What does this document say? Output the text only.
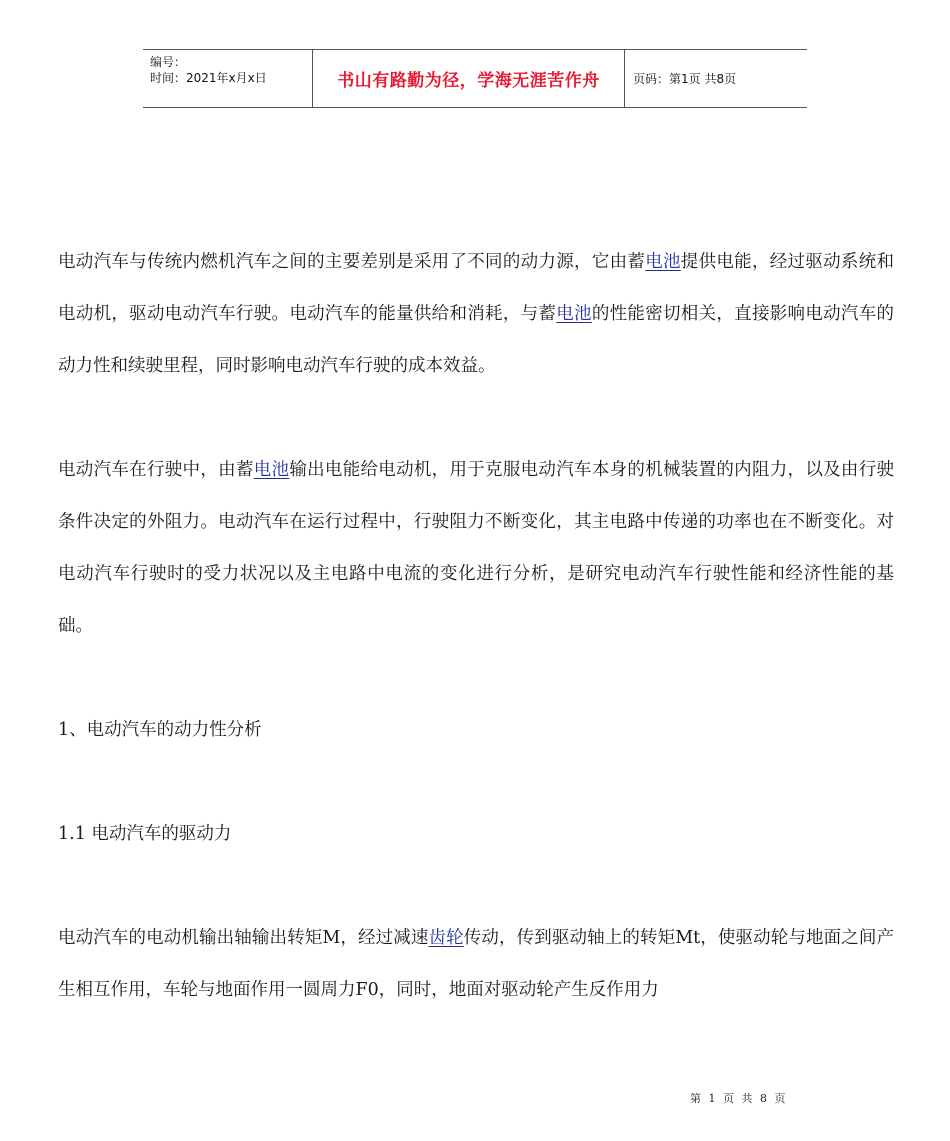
编号：
时间：2021年x月x日	书山有路勤为径，学海无涯苦作舟	页码：第1页 共8页

电动汽车与传统内燃机汽车之间的主要差别是采用了不同的动力源，它由蓄电池提供电能，经过驱动系统和电动机，驱动电动汽车行驶。电动汽车的能量供给和消耗，与蓄电池的性能密切相关，直接影响电动汽车的动力性和续驶里程，同时影响电动汽车行驶的成本效益。

电动汽车在行驶中，由蓄电池输出电能给电动机，用于克服电动汽车本身的机械装置的内阻力，以及由行驶条件决定的外阻力。电动汽车在运行过程中，行驶阻力不断变化，其主电路中传递的功率也在不断变化。对电动汽车行驶时的受力状况以及主电路中电流的变化进行分析，是研究电动汽车行驶性能和经济性能的基础。

1、电动汽车的动力性分析

1.1 电动汽车的驱动力

电动汽车的电动机输出轴输出转矩M，经过减速齿轮传动，传到驱动轴上的转矩Mt，使驱动轮与地面之间产生相互作用，车轮与地面作用一圆周力F0，同时，地面对驱动轮产生反作用力

第 1 页 共 8 页
